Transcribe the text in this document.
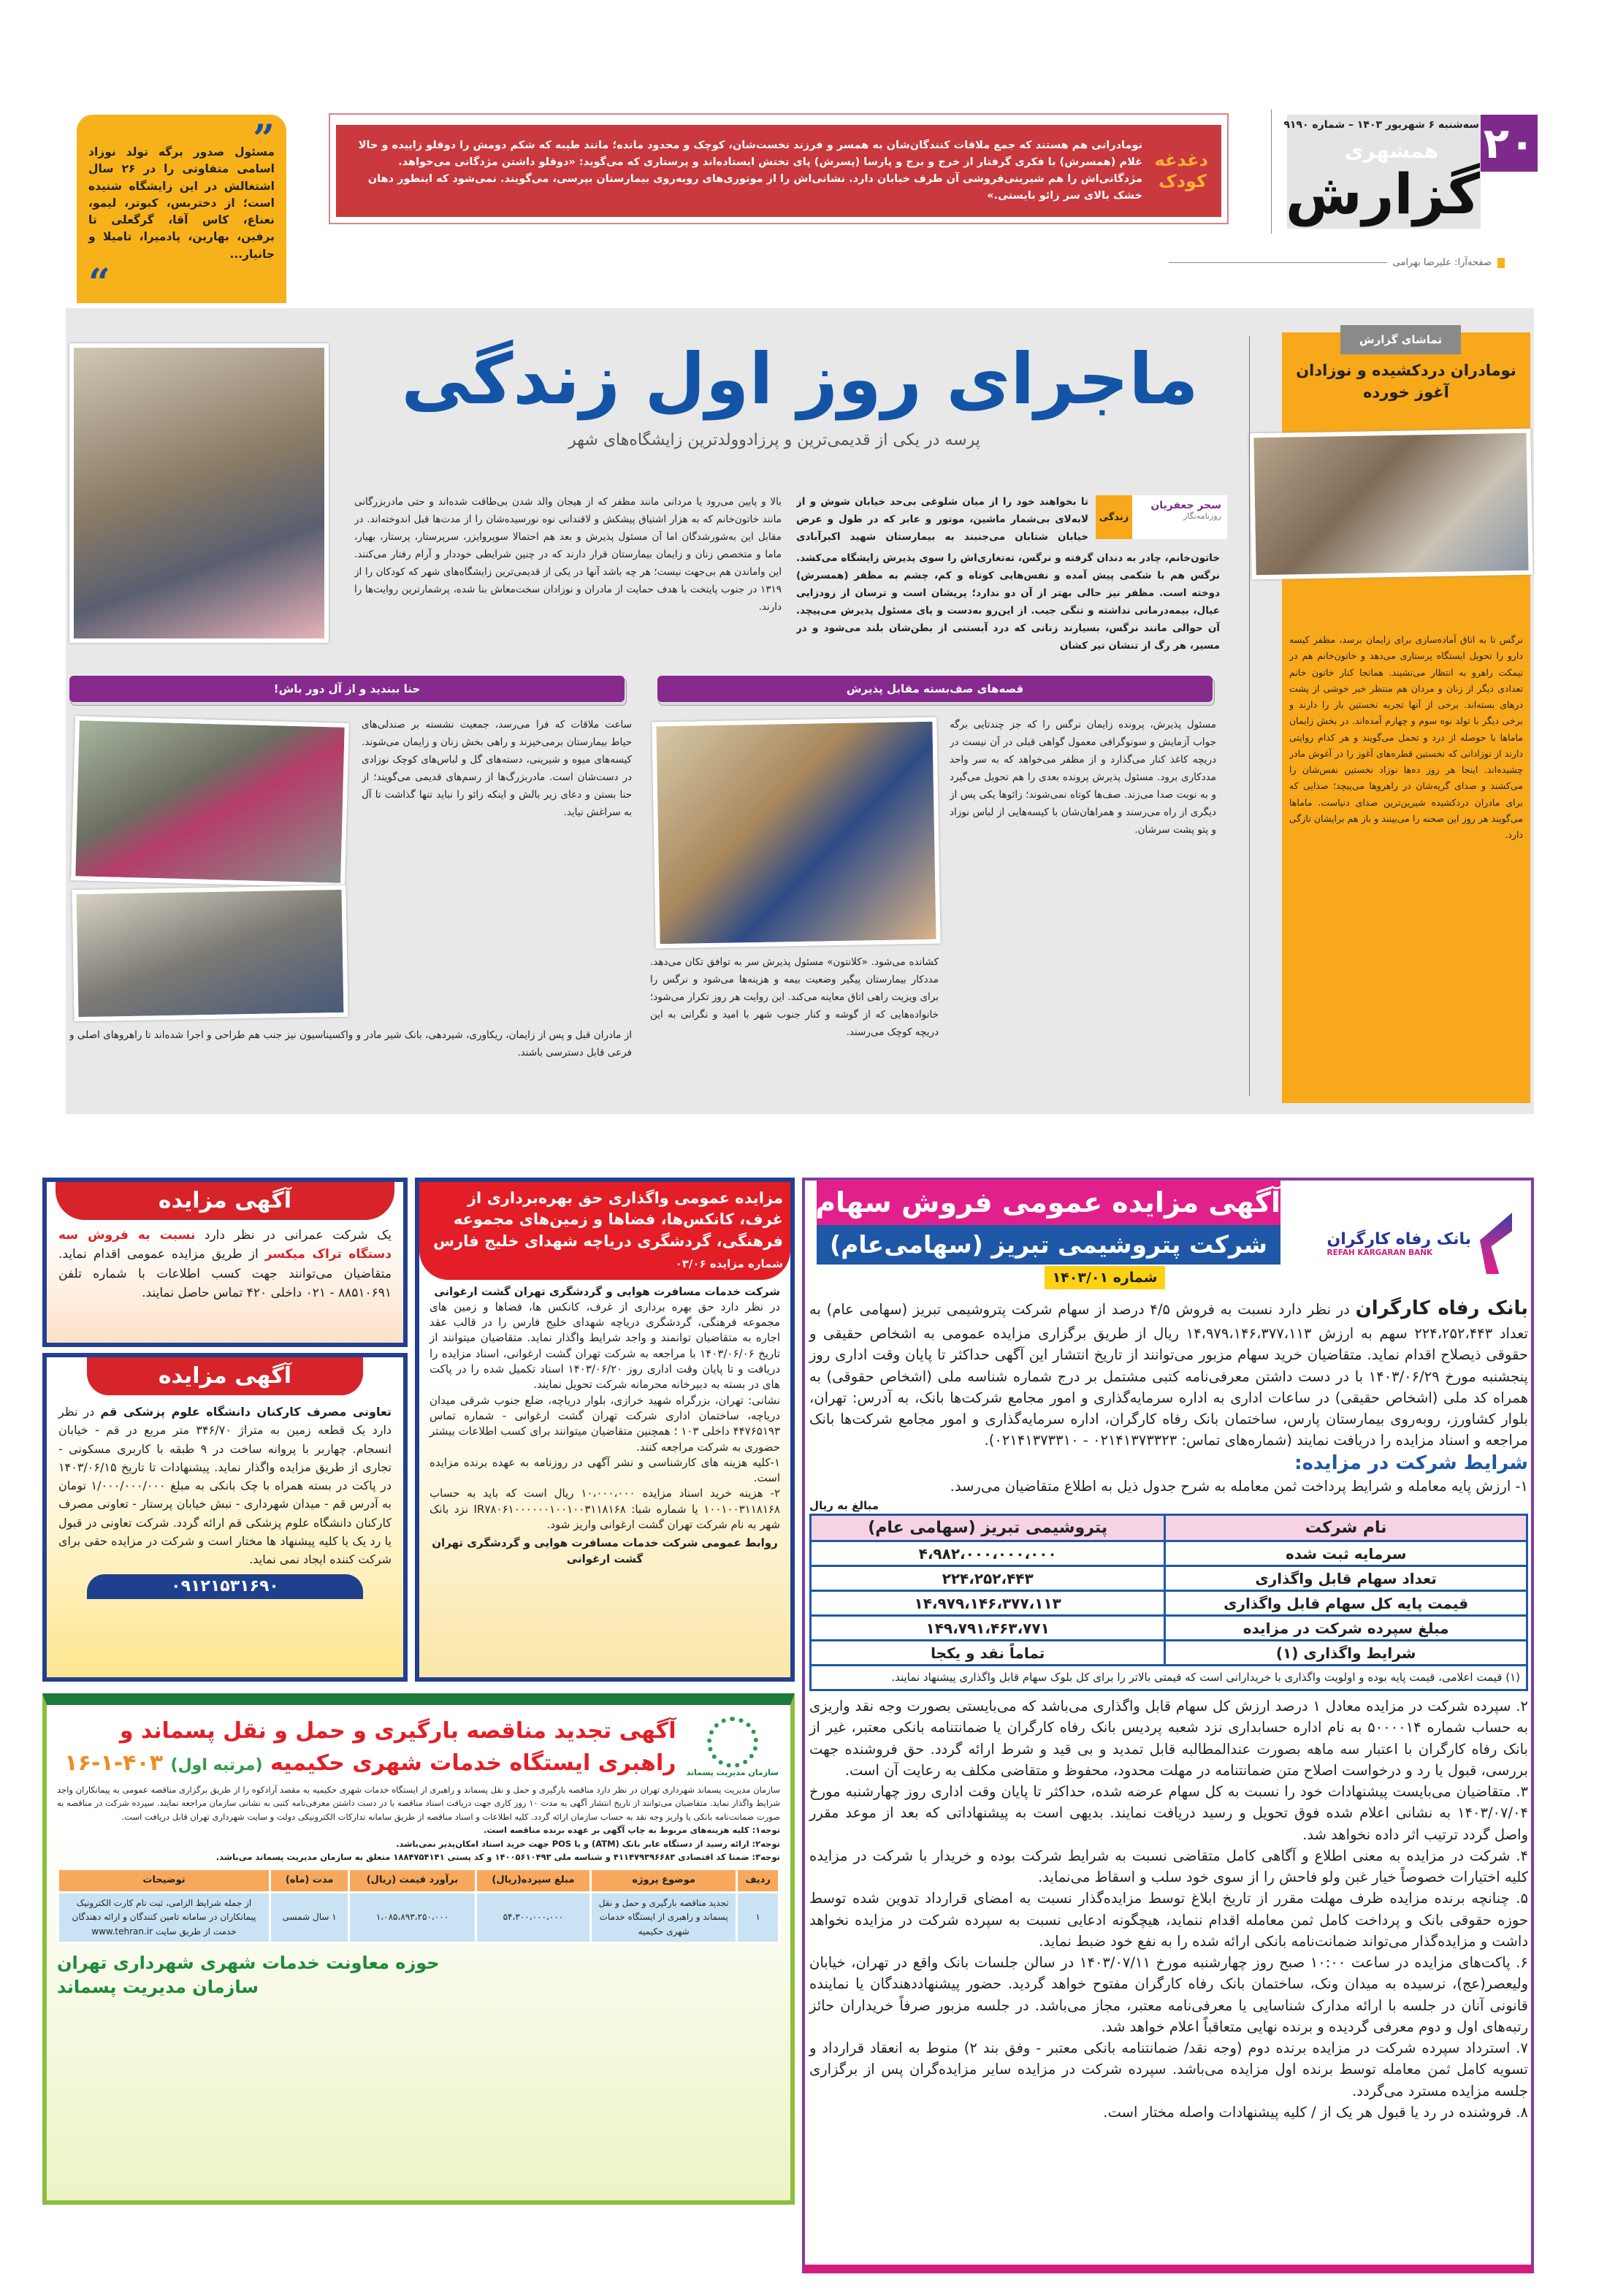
۲۰
سه‌شنبه ۶ شهریور ۱۴۰۳ – شماره ۹۱۹۰
همشهری
گزارش
صفحه‌آرا: علیرضا بهرامی
دغدغه کودک
نومادرانی هم هستند که جمع ملاقات کنندگان‌شان به همسر و فرزند نخست‌شان، کوچک و محدود مانده؛ مانند طیبه که شکم دومش را دوقلو زاییده و حالا غلام (همسرش) با فکری گرفتار از خرج و برج و پارسا (پسرش) پای تختش ایستاده‌اند و پرستاری که می‌گوید: «دوقلو داشتن مژدگانی می‌خواهد. مژدگانی‌اش را هم شیرینی‌فروشی آن طرف خیابان دارد. نشانی‌اش را از موتوری‌های روبه‌روی بیمارستان بپرسی، می‌گویند. نمی‌شود که اینطور دهان خشک بالای سر زائو بایستی.»
”
مسئول صدور برگه تولد نوزاد اسامی متفاوتی را در ۲۶ سال اشتغالش در این زایشگاه شنیده است؛ از دختربس، کبوتر، لیمو، نعناع، کاس آقا، گرگعلی تا برفین، بهارین، پادمیرا، تامیلا و جانیار...
“
تماشای گزارش
نومادران دردکشیده و نوزادان آغوز خورده
نرگس تا به اتاق آماده‌سازی برای زایمان برسد، مظفر کیسه دارو را تحویل ایستگاه پرستاری می‌دهد و خاتون‌خانم هم در نیمکت راهرو به انتظار می‌نشیند. همانجا کنار خاتون خانم تعدادی دیگر از زنان و مردان هم منتظر خبر خوشی از پشت درهای بسته‌اند. برخی از آنها تجربه نخستین بار را دارند و برخی دیگر با تولد نوه سوم و چهارم آمده‌اند. در بخش زایمان ماماها با حوصله از درد و تحمل می‌گویند و هر کدام روایتی دارند از نوزادانی که نخستین قطره‌های آغوز را در آغوش مادر چشیده‌اند. اینجا هر روز ده‌ها نوزاد نخستین نفس‌شان را می‌کشند و صدای گریه‌شان در راهروها می‌پیچد؛ صدایی که برای مادران دردکشیده شیرین‌ترین صدای دنیاست. ماماها می‌گویند هر روز این صحنه را می‌بینند و باز هم برایشان تازگی دارد.
ماجرای روز اول زندگی
پرسه در یکی از قدیمی‌ترین و پرزادو‌ولدترین زایشگاه‌های شهر
سحر جعفریان
روزنامه‌نگار
زندگی
تا بخواهند خود را از میان شلوغی بی‌حد خیابان شوش و از لابه‌لای بی‌شمار ماشین، موتور و عابر که در طول و عرض خیابان شتابان می‌جنبند به بیمارستان شهید اکبرآبادی
خاتون‌خانم، چادر به دندان گرفته و نرگس، ته‌تغاری‌اش را سوی پذیرش زایشگاه می‌کشد. نرگس هم با شکمی پیش آمده و نفس‌هایی کوتاه و کم، چشم به مظفر (همسرش) دوخته است. مظفر نیز حالی بهتر از آن دو ندارد؛ پریشان است و ترسان از زودزایی عیال، بیمه‌درمانی نداشته و تنگی جیب. از این‌رو به‌دست و پای مسئول پذیرش می‌پیچد. آن حوالی مانند نرگس، بسیارند زنانی که درد آبستنی از بطن‌شان بلند می‌شود و در مسیر، هر رگ از تنشان تیر کشان
بالا و پایین می‌رود یا مردانی مانند مظفر که از هیجان والد شدن بی‌طاقت شده‌اند و حتی مادربزرگانی مانند خاتون‌خانم که به هزار اشتیاق پیشکش و لاقندانی نوه نورسیده‌شان را از مدت‌ها قبل اندوخته‌اند. در مقابل این به‌شورشدگان اما آن مسئول پذیرش و بعد هم احتمالا سوپروایزر، سرپرستار، پرستار، بهیار، ماما و متخصص زنان و زایمان بیمارستان قرار دارند که در چنین شرایطی خوددار و آرام رفتار می‌کنند. این واماندن هم بی‌جهت نیست؛ هر چه باشد آنها در یکی از قدیمی‌ترین زایشگاه‌های شهر که کودکان را از ۱۳۱۹ در جنوب پایتخت با هدف حمایت از مادران و نوزادان سخت‌معاش بنا شده، پرشمار‌ترین روایت‌ها را دارند.
قصه‌های صف‌بسته مقابل پذیرش
حنا ببندید و از آل دور باش!
مسئول پذیرش، پرونده زایمان نرگس را که جز چندتایی برگه جواب آزمایش و سونوگرافی معمول گواهی قبلی در آن نیست در دریچه کاغذ کنار می‌گذارد و از مظفر می‌خواهد که به سر واحد مددکاری برود. مسئول پذیرش پرونده بعدی را هم تحویل می‌گیرد و به نوبت صدا می‌زند. صف‌ها کوتاه نمی‌شوند؛ زائوها یکی پس از دیگری از راه می‌رسند و همراهان‌شان با کیسه‌هایی از لباس نوزاد و پتو پشت سرشان.
کشانده می‌شود. «کلانتون» مسئول پذیرش سر به توافق تکان می‌دهد. مددکار بیمارستان پیگیر وضعیت بیمه و هزینه‌ها می‌شود و نرگس را برای ویزیت راهی اتاق معاینه می‌کند. این روایت هر روز تکرار می‌شود؛ خانواده‌هایی که از گوشه و کنار جنوب شهر با امید و نگرانی به این دریچه کوچک می‌رسند.
ساعت ملاقات که فرا می‌رسد، جمعیت نشسته بر صندلی‌های حیاط بیمارستان برمی‌خیزند و راهی بخش زنان و زایمان می‌شوند. کیسه‌های میوه و شیرینی، دسته‌های گل و لباس‌های کوچک نوزادی در دست‌شان است. مادربزرگ‌ها از رسم‌های قدیمی می‌گویند؛ از حنا بستن و دعای زیر بالش و اینکه زائو را نباید تنها گذاشت تا آل به سراغش نیاید.
از مادران قبل و پس از زایمان، ریکاوری، شیردهی، بانک شیر مادر و واکسیناسیون نیز جنب هم طراحی و اجرا شده‌اند تا راهروهای اصلی و فرعی قابل دسترسی باشند.
آگهی مزایده عمومی فروش سهام
شرکت پتروشیمی تبریز (سهامی‌عام)
شماره ۱۴۰۳/۰۱
بانک رفاه کارگران
REFAH KARGARAN BANK

بانک رفاه کارگران در نظر دارد نسبت به فروش ۴/۵ درصد از سهام شرکت پتروشیمی تبریز (سهامی عام) به تعداد ۲۲۴،۲۵۲،۴۴۳ سهم به ارزش ۱۴،۹۷۹،۱۴۶،۳۷۷،۱۱۳ ریال از طریق برگزاری مزایده عمومی به اشخاص حقیقی و حقوقی ذیصلاح اقدام نماید. متقاضیان خرید سهام مزبور می‌توانند از تاریخ انتشار این آگهی حداکثر تا پایان وقت اداری روز پنجشنبه مورخ ۱۴۰۳/۰۶/۲۹ با در دست داشتن معرفی‌نامه کتبی مشتمل بر درج شماره شناسه ملی (اشخاص حقوقی) به همراه کد ملی (اشخاص حقیقی) در ساعات اداری به اداره سرمایه‌گذاری و امور مجامع شرکت‌ها بانک، به آدرس: تهران، بلوار کشاورز، روبه‌روی بیمارستان پارس، ساختمان بانک رفاه کارگران، اداره سرمایه‌گذاری و امور مجامع شرکت‌ها بانک مراجعه و اسناد مزایده را دریافت نمایند (شماره‌های تماس: ۰۲۱۴۱۳۷۳۳۲۳ - ۰۲۱۴۱۳۷۳۳۱۰).

شرایط شرکت در مزایده:

۱- ارزش پایه معامله و شرایط پرداخت ثمن معامله به شرح جدول ذیل به اطلاع متقاضیان می‌رسد.

مبالغ به ریال
نام شرکت	پتروشیمی تبریز (سهامی عام)
سرمایه ثبت شده	۴،۹۸۲،۰۰۰،۰۰۰،۰۰۰
تعداد سهام قابل واگذاری	۲۲۴،۲۵۲،۴۴۳
قیمت پایه کل سهام قابل واگذاری	۱۴،۹۷۹،۱۴۶،۳۷۷،۱۱۳
مبلغ سپرده شرکت در مزایده	۱۴۹،۷۹۱،۴۶۳،۷۷۱
شرایط واگذاری (۱)	تماماً نقد و یکجا
(۱) قیمت اعلامی، قیمت پایه بوده و اولویت واگذاری با خریدارانی است که قیمتی بالاتر را برای کل بلوک سهام قابل واگذاری پیشنهاد نمایند.	

۲. سپرده شرکت در مزایده معادل ۱ درصد ارزش کل سهام قابل واگذاری می‌باشد که می‌بایستی بصورت وجه نقد واریزی به حساب شماره ۵۰۰۰۰۱۴ به نام اداره حسابداری نزد شعبه پردیس بانک رفاه کارگران یا ضمانتنامه بانکی معتبر، غیر از بانک رفاه کارگران با اعتبار سه ماهه بصورت عندالمطالبه قابل تمدید و بی قید و شرط ارائه گردد. حق فروشنده جهت بررسی، قبول یا رد و درخواست اصلاح متن ضمانتنامه در مهلت محدود، محفوظ و متقاضی مکلف به رعایت آن است.

۳. متقاضیان می‌بایست پیشنهادات خود را نسبت به کل سهام عرضه شده، حداکثر تا پایان وقت اداری روز چهارشنبه مورخ ۱۴۰۳/۰۷/۰۴ به نشانی اعلام شده فوق تحویل و رسید دریافت نمایند. بدیهی است به پیشنهاداتی که بعد از موعد مقرر واصل گردد ترتیب اثر داده نخواهد شد.

۴. شرکت در مزایده به معنی اطلاع و آگاهی کامل متقاضی نسبت به شرایط شرکت بوده و خریدار با شرکت در مزایده کلیه اختیارات خصوصاً خیار غبن ولو فاحش را از سوی خود سلب و اسقاط می‌نماید.

۵. چنانچه برنده مزایده ظرف مهلت مقرر از تاریخ ابلاغ توسط مزایده‌گذار نسبت به امضای قرارداد تدوین شده توسط حوزه حقوقی بانک و پرداخت کامل ثمن معامله اقدام ننماید، هیچگونه ادعایی نسبت به سپرده شرکت در مزایده نخواهد داشت و مزایده‌گذار می‌تواند ضمانت‌نامه بانکی ارائه شده را به نفع خود ضبط نماید.

۶. پاکت‌های مزایده در ساعت ۱۰:۰۰ صبح روز چهارشنبه مورخ ۱۴۰۳/۰۷/۱۱ در سالن جلسات بانک واقع در تهران، خیابان ولیعصر(عج)، نرسیده به میدان ونک، ساختمان بانک رفاه کارگران مفتوح خواهد گردید. حضور پیشنهاددهندگان یا نماینده قانونی آنان در جلسه با ارائه مدارک شناسایی یا معرفی‌نامه معتبر، مجاز می‌باشد. در جلسه مزبور صرفاً خریداران حائز رتبه‌های اول و دوم معرفی گردیده و برنده نهایی متعاقباً اعلام خواهد شد.

۷. استرداد سپرده شرکت در مزایده برنده دوم (وجه نقد/ ضمانتنامه بانکی معتبر - وفق بند ۲) منوط به انعقاد قرارداد و تسویه کامل ثمن معامله توسط برنده اول مزایده می‌باشد. سپرده شرکت در مزایده سایر مزایده‌گران پس از برگزاری جلسه مزایده مسترد می‌گردد.

۸. فروشنده در رد یا قبول هر یک از / کلیه پیشنهادات واصله مختار است.

مزایده عمومی واگذاری حق بهره‌برداری از غرف، کانکس‌ها، فضاها و زمین‌های مجموعه فرهنگی، گردشگری دریاچه شهدای خلیج فارس شماره مزایده ۰۳/۰۶
شرکت خدمات مسافرت هوایی و گردشگری تهران گشت ارغوانی

در نظر دارد حق بهره برداری از غرف، کانکس ها، فضاها و زمین های مجموعه فرهنگی، گردشگری دریاچه شهدای خلیج فارس را در قالب عقد اجاره به متقاضیان توانمند و واجد شرایط واگذار نماید. متقاضیان میتوانند از تاریخ ۱۴۰۳/۰۶/۰۶ با مراجعه به شرکت تهران گشت ارغوانی، اسناد مزایده را دریافت و تا پایان وقت اداری روز ۱۴۰۳/۰۶/۲۰ اسناد تکمیل شده را در پاکت های در بسته به دبیرخانه محرمانه شرکت تحویل نمایند.

نشانی: تهران، بزرگراه شهید خرازی، بلوار دریاچه، ضلع جنوب شرقی میدان دریاچه، ساختمان اداری شرکت تهران گشت ارغوانی - شماره تماس ۴۴۷۶۵۱۹۳ داخلی ۱۰۳ ؛ همچنین متقاضیان میتوانند برای کسب اطلاعات بیشتر حضوری به شرکت مراجعه کنند.

۱-کلیه هزینه های کارشناسی و نشر آگهی در روزنامه به عهده برنده مزایده است.

۲- هزینه خرید اسناد مزایده ۱۰،۰۰۰،۰۰۰ ریال است که باید به حساب ۱۰۰۱۰۰۳۱۱۸۱۶۸ یا شماره شبا: IR۷۸۰۶۱۰۰۰۰۰۰۱۰۰۱۰۰۳۱۱۸۱۶۸ نزد بانک شهر به نام شرکت تهران گشت ارغوانی واریز شود.

روابط عمومی شرکت خدمات مسافرت هوایی و گردشگری تهران گشت ارغوانی

آگهی مزایده

یک شرکت عمرانی در نظر دارد نسبت به فروش سه دستگاه تراک میکسر از طریق مزایده عمومی اقدام نماید. متقاضیان می‌توانند جهت کسب اطلاعات با شماره تلفن ۸۸۵۱۰۶۹۱ - ۰۲۱ داخلی ۴۲۰ تماس حاصل نمایند.

آگهی مزایده

تعاونی مصرف کارکنان دانشگاه علوم پزشکی قم در نظر دارد یک قطعه زمین به متراژ ۳۴۶/۷۰ متر مربع در قم - خیابان انسجام. چهاربر با پروانه ساخت در ۹ طبقه با کاربری مسکونی - تجاری از طریق مزایده واگذار نماید. پیشنهادات تا تاریخ ۱۴۰۳/۰۶/۱۵ در پاکت در بسته همراه با چک بانکی به مبلغ ۱/۰۰۰/۰۰۰/۰۰۰ تومان به آدرس قم - میدان شهرداری - نبش خیابان پرستار - تعاونی مصرف کارکنان دانشگاه علوم پزشکی قم ارائه گردد. شرکت تعاونی در قبول یا رد یک یا کلیه پیشنهاد ها مختار است و شرکت در مزایده حقی برای شرکت کننده ایجاد نمی نماید.

۰۹۱۲۱۵۳۱۶۹۰
سازمان مدیریت پسماند
آگهی تجدید مناقصه بارگیری و حمل و نقل پسماند و
راهبری ایستگاه خدمات شهری حکیمیه (مرتبه اول) ۴۰۳-۱-۱۶

سازمان مدیریت پسماند شهرداری تهران در نظر دارد مناقصه بارگیری و حمل و نقل پسماند و راهبری از ایستگاه خدمات شهری حکیمیه به مقصد آرادکوه را از طریق برگزاری مناقصه عمومی به پیمانکاران واجد شرایط واگذار نماید. متقاضیان می‌توانند از تاریخ انتشار آگهی به مدت ۱۰ روز کاری جهت دریافت اسناد مناقصه با در دست داشتن معرفی‌نامه کتبی به نشانی سازمان مراجعه نمایند. سپرده شرکت در مناقصه به صورت ضمانت‌نامه بانکی یا واریز وجه نقد به حساب سازمان ارائه گردد. کلیه اطلاعات و اسناد مناقصه از طریق سامانه تدارکات الکترونیکی دولت و سایت شهرداری تهران قابل دریافت است.

توجه۱: کلیه هزینه‌های مربوط به چاپ آگهی بر عهده برنده مناقصه است.

توجه۲: ارائه رسید از دستگاه عابر بانک (ATM) و یا POS جهت خرید اسناد امکان‌پذیر نمی‌باشد.

توجه۳: ضمنا کد اقتصادی ۴۱۱۴۷۹۳۹۶۶۸۳ و شناسه ملی ۱۴۰۰۵۶۱۰۴۹۳ و کد پستی ۱۸۸۴۷۵۴۱۴۱ متعلق به سازمان مدیریت پسماند می‌باشد.

ردیف	موضوع پروژه	مبلغ سپرده(ریال)	برآورد قیمت (ریال)	مدت (ماه)	توضیحات
۱	تجدید مناقصه بارگیری و حمل و نقل پسماند و راهبری از ایستگاه خدمات شهری حکیمیه	۵۴،۳۰۰،۰۰۰،۰۰۰	۱،۰۸۵،۸۹۳،۲۵۰،۰۰۰	۱ سال شمسی	از جمله شرایط الزامی، ثبت نام کارت الکترونیک پیمانکاران در سامانه تامین کنندگان و ارائه دهندگان خدمت از طریق سایت www.tehran.ir
حوزه معاونت خدمات شهری شهرداری تهران
سازمان مدیریت پسماند
